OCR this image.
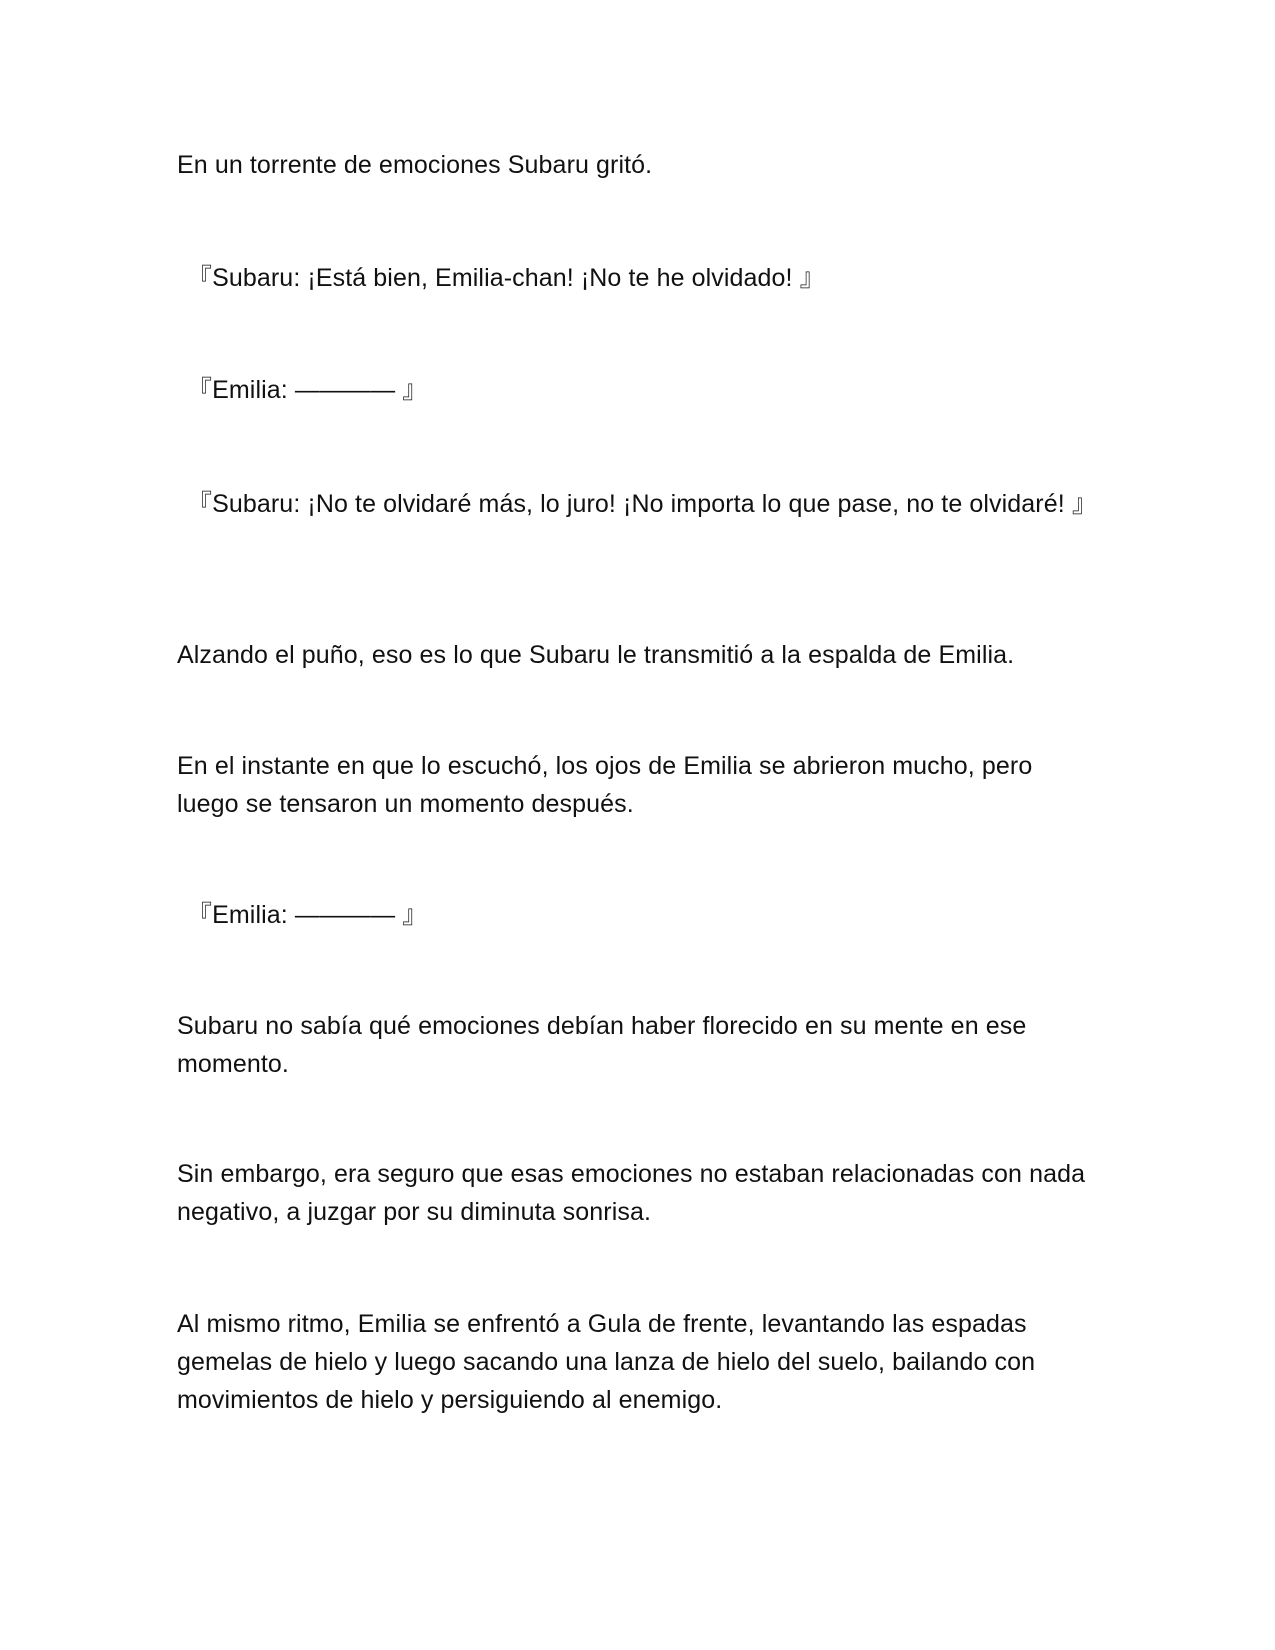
En un torrente de emociones Subaru gritó.

『Subaru: ¡Está bien, Emilia-chan! ¡No te he olvidado! 』

『Emilia: ———— 』

『Subaru: ¡No te olvidaré más, lo juro! ¡No importa lo que pase, no te olvidaré! 』

Alzando el puño, eso es lo que Subaru le transmitió a la espalda de Emilia.

En el instante en que lo escuchó, los ojos de Emilia se abrieron mucho, pero luego se tensaron un momento después.

『Emilia: ———— 』

Subaru no sabía qué emociones debían haber florecido en su mente en ese momento.

Sin embargo, era seguro que esas emociones no estaban relacionadas con nada negativo, a juzgar por su diminuta sonrisa.

Al mismo ritmo, Emilia se enfrentó a Gula de frente, levantando las espadas gemelas de hielo y luego sacando una lanza de hielo del suelo, bailando con movimientos de hielo y persiguiendo al enemigo.
